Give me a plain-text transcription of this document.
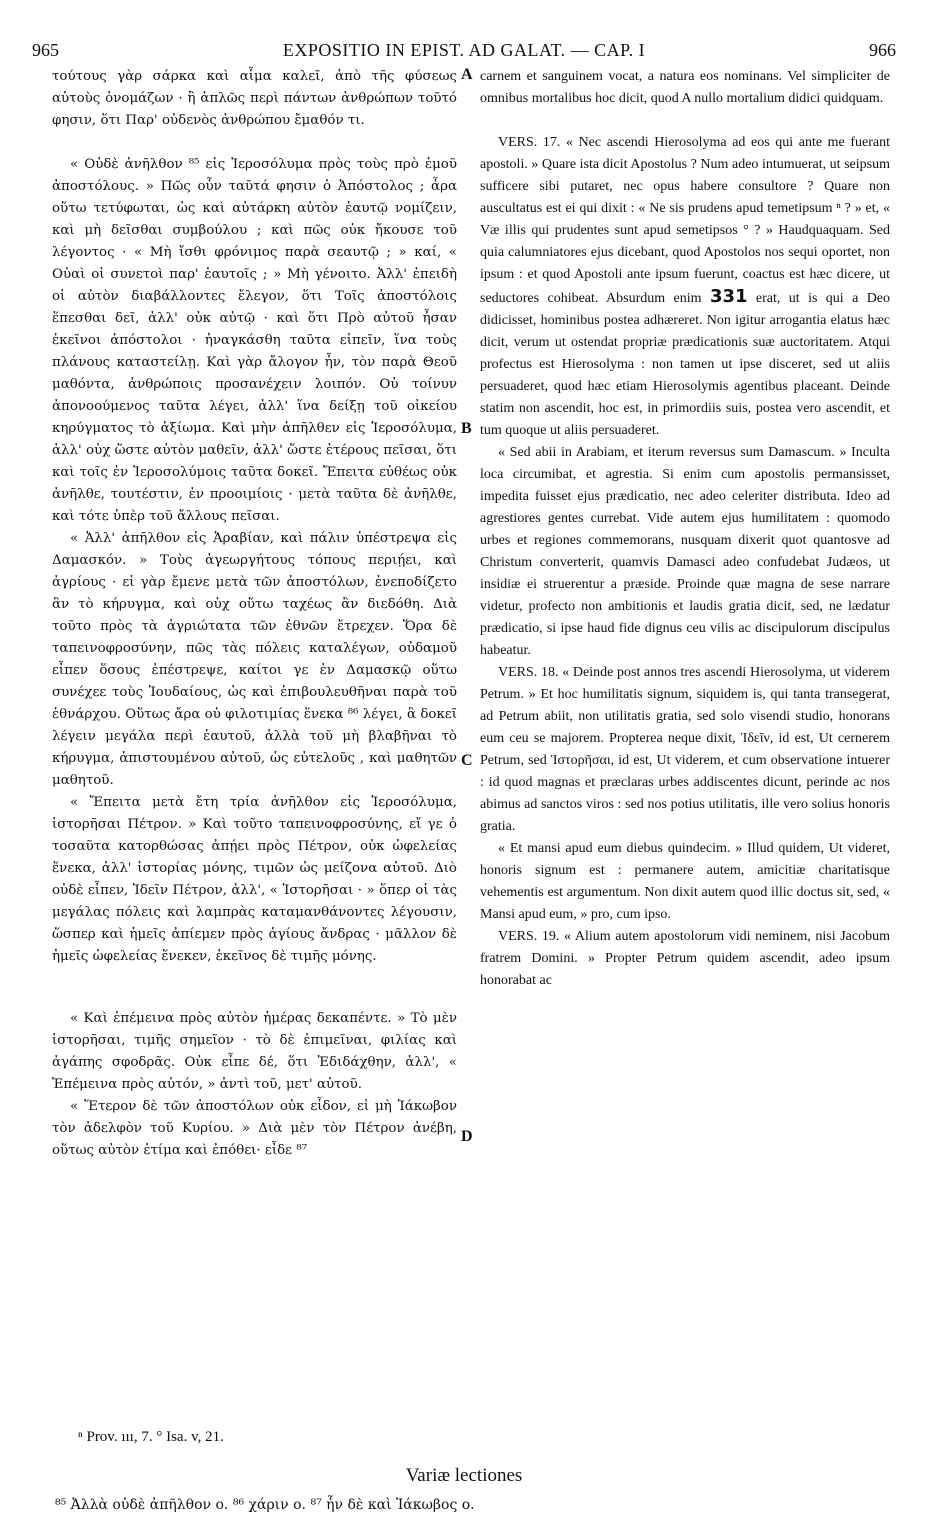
965	EXPOSITIO IN EPIST. AD GALAT. — CAP. I	966

τούτους γὰρ σάρκα καὶ αἷμα καλεῖ, ἀπὸ τῆς φύσεως αὐτοὺς ὀνομάζων · ἢ ἁπλῶς περὶ πάντων ἀνθρώπων τοῦτό φησιν, ὅτι Παρ' οὐδενὸς ἀνθρώπου ἔμαθόν τι.

« Οὐδὲ ἀνῆλθον ⁸⁵ εἰς Ἱεροσόλυμα πρὸς τοὺς πρὸ ἐμοῦ ἀποστόλους. » Πῶς οὖν ταῦτά φησιν ὁ Ἀπόστολος ; ἆρα οὕτω τετύφωται, ὡς καὶ αὐτάρκη αὐτὸν ἑαυτῷ νομίζειν, καὶ μὴ δεῖσθαι συμβούλου ; καὶ πῶς οὐκ ἤκουσε τοῦ λέγοντος · « Μὴ ἴσθι φρόνιμος παρὰ σεαυτῷ ; » καί, « Οὐαὶ οἱ συνετοὶ παρ' ἑαυτοῖς ; » Μὴ γένοιτο. Ἀλλ' ἐπειδὴ οἱ αὐτὸν διαβάλλοντες ἔλεγον, ὅτι Τοῖς ἀποστόλοις ἕπεσθαι δεῖ, ἀλλ' οὐκ αὐτῷ · καὶ ὅτι Πρὸ αὐτοῦ ἦσαν ἐκεῖνοι ἀπόστολοι · ἠναγκάσθη ταῦτα εἰπεῖν, ἵνα τοὺς πλάνους καταστείλῃ. Καὶ γὰρ ἄλογον ἦν, τὸν παρὰ Θεοῦ μαθόντα, ἀνθρώποις προσανέχειν λοιπόν. Οὐ τοίνυν ἀπονοούμενος ταῦτα λέγει, ἀλλ' ἵνα δείξῃ τοῦ οἰκείου κηρύγματος τὸ ἀξίωμα. Καὶ μὴν ἀπῆλθεν εἰς Ἱεροσόλυμα, ἀλλ' οὐχ ὥστε αὐτὸν μαθεῖν, ἀλλ' ὥστε ἑτέρους πεῖσαι, ὅτι καὶ τοῖς ἐν Ἱεροσολύμοις ταῦτα δοκεῖ. Ἔπειτα εὐθέως οὐκ ἀνῆλθε, τουτέστιν, ἐν προοιμίοις · μετὰ ταῦτα δὲ ἀνῆλθε, καὶ τότε ὑπὲρ τοῦ ἄλλους πεῖσαι.

« Ἀλλ' ἀπῆλθον εἰς Ἀραβίαν, καὶ πάλιν ὑπέστρεψα εἰς Δαμασκόν. » Τοὺς ἀγεωργήτους τόπους περιῄει, καὶ ἀγρίους · εἰ γὰρ ἔμενε μετὰ τῶν ἀποστόλων, ἐνεποδίζετο ἂν τὸ κήρυγμα, καὶ οὐχ οὕτω ταχέως ἂν διεδόθη. Διὰ τοῦτο πρὸς τὰ ἀγριώτατα τῶν ἐθνῶν ἔτρεχεν. Ὅρα δὲ ταπεινοφροσύνην, πῶς τὰς πόλεις καταλέγων, οὐδαμοῦ εἶπεν ὅσους ἐπέστρεψε, καίτοι γε ἐν Δαμασκῷ οὕτω συνέχεε τοὺς Ἰουδαίους, ὡς καὶ ἐπιβουλευθῆναι παρὰ τοῦ ἐθνάρχου. Οὕτως ἄρα οὐ φιλοτιμίας ἕνεκα ⁸⁶ λέγει, ἃ δοκεῖ λέγειν μεγάλα περὶ ἑαυτοῦ, ἀλλὰ τοῦ μὴ βλαβῆναι τὸ κήρυγμα, ἀπιστουμένου αὐτοῦ, ὡς εὐτελοῦς , καὶ μαθητῶν μαθητοῦ.

« Ἔπειτα μετὰ ἔτη τρία ἀνῆλθον εἰς Ἱεροσόλυμα, ἱστορῆσαι Πέτρον. » Καὶ τοῦτο ταπεινοφροσύνης, εἴ γε ὁ τοσαῦτα κατορθώσας ἀπῄει πρὸς Πέτρον, οὐκ ὠφελείας ἕνεκα, ἀλλ' ἱστορίας μόνης, τιμῶν ὡς μείζονα αὐτοῦ. Διὸ οὐδὲ εἶπεν, Ἰδεῖν Πέτρον, ἀλλ', « Ἱστορῆσαι · » ὅπερ οἱ τὰς μεγάλας πόλεις καὶ λαμπρὰς καταμανθάνοντες λέγουσιν, ὥσπερ καὶ ἡμεῖς ἀπίεμεν πρὸς ἁγίους ἄνδρας · μᾶλλον δὲ ἡμεῖς ὠφελείας ἕνεκεν, ἐκεῖνος δὲ τιμῆς μόνης.

« Καὶ ἐπέμεινα πρὸς αὐτὸν ἡμέρας δεκαπέντε. » Τὸ μὲν ἱστορῆσαι, τιμῆς σημεῖον · τὸ δὲ ἐπιμεῖναι, φιλίας καὶ ἀγάπης σφοδρᾶς. Οὐκ εἶπε δέ, ὅτι Ἐδιδάχθην, ἀλλ', « Ἐπέμεινα πρὸς αὐτόν, » ἀντὶ τοῦ, μετ' αὐτοῦ.

« Ἕτερον δὲ τῶν ἀποστόλων οὐκ εἶδον, εἰ μὴ Ἰάκωβον τὸν ἀδελφὸν τοῦ Κυρίου. » Διὰ μὲν τὸν Πέτρον ἀνέβη, οὕτως αὐτὸν ἐτίμα καὶ ἐπόθει· εἶδε ⁸⁷

carnem et sanguinem vocat, a natura eos nominans. Vel simpliciter de omnibus mortalibus hoc dicit, quod A nullo mortalium didici quidquam.

VERS. 17. « Nec ascendi Hierosolyma ad eos qui ante me fuerant apostoli. » Quare ista dicit Apostolus ? Num adeo intumuerat, ut seipsum sufficere sibi putaret, nec opus habere consultore ? Quare non auscultatus est ei qui dixit : « Ne sis prudens apud temetipsum ⁿ ? » et, « Væ illis qui prudentes sunt apud semetipsos ° ? » Haudquaquam. Sed quia calumniatores ejus dicebant, quod Apostolos nos sequi oportet, non ipsum : et quod Apostoli ante ipsum fuerunt, coactus est hæc dicere, ut seductores cohibeat. Absurdum enim 331 erat, ut is qui a Deo didicisset, hominibus postea adhæreret. Non igitur arrogantia elatus hæc dicit, verum ut ostendat propriæ prædicationis suæ auctoritatem. Atqui profectus est Hierosolyma : non tamen ut ipse disceret, sed ut aliis persuaderet, quod hæc etiam Hierosolymis agentibus placeant. Deinde statim non ascendit, hoc est, in primordiis suis, postea vero ascendit, et tum quoque ut aliis persuaderet.

« Sed abii in Arabiam, et iterum reversus sum Damascum. » Inculta loca circumibat, et agrestia. Si enim cum apostolis permansisset, impedita fuisset ejus prædicatio, nec adeo celeriter distributa. Ideo ad agrestiores gentes currebat. Vide autem ejus humilitatem : quomodo urbes et regiones commemorans, nusquam dixerit quot quantosve ad Christum converterit, quamvis Damasci adeo confudebat Judæos, ut insidiæ ei struerentur a præside. Proinde quæ magna de sese narrare videtur, profecto non ambitionis et laudis gratia dicit, sed, ne lædatur prædicatio, si ipse haud fide dignus ceu vilis ac discipulorum discipulus habeatur.

VERS. 18. « Deinde post annos tres ascendi Hierosolyma, ut viderem Petrum. » Et hoc humilitatis signum, siquidem is, qui tanta transegerat, ad Petrum abiit, non utilitatis gratia, sed solo visendi studio, honorans eum ceu se majorem. Propterea neque dixit, Ἰδεῖν, id est, Ut cernerem Petrum, sed Ἱστορῆσαι, id est, Ut viderem, et cum observatione intuerer : id quod magnas et præclaras urbes addiscentes dicunt, perinde ac nos abimus ad sanctos viros : sed nos potius utilitatis, ille vero solius honoris gratia.

« Et mansi apud eum diebus quindecim. » Illud quidem, Ut videret, honoris signum est : permanere autem, amicitiæ charitatisque vehementis est argumentum. Non dixit autem quod illic doctus sit, sed, « Mansi apud eum, » pro, cum ipso.

VERS. 19. « Alium autem apostolorum vidi neminem, nisi Jacobum fratrem Domini. » Propter Petrum quidem ascendit, adeo ipsum honorabat ac

A
B
C
D
ⁿ Prov. ııı, 7. ° Isa. v, 21.
Variæ lectiones
⁸⁵ Ἀλλὰ οὐδὲ ἀπῆλθον ο. ⁸⁶ χάριν ο. ⁸⁷ ἦν δὲ καὶ Ἰάκωβος ο.
